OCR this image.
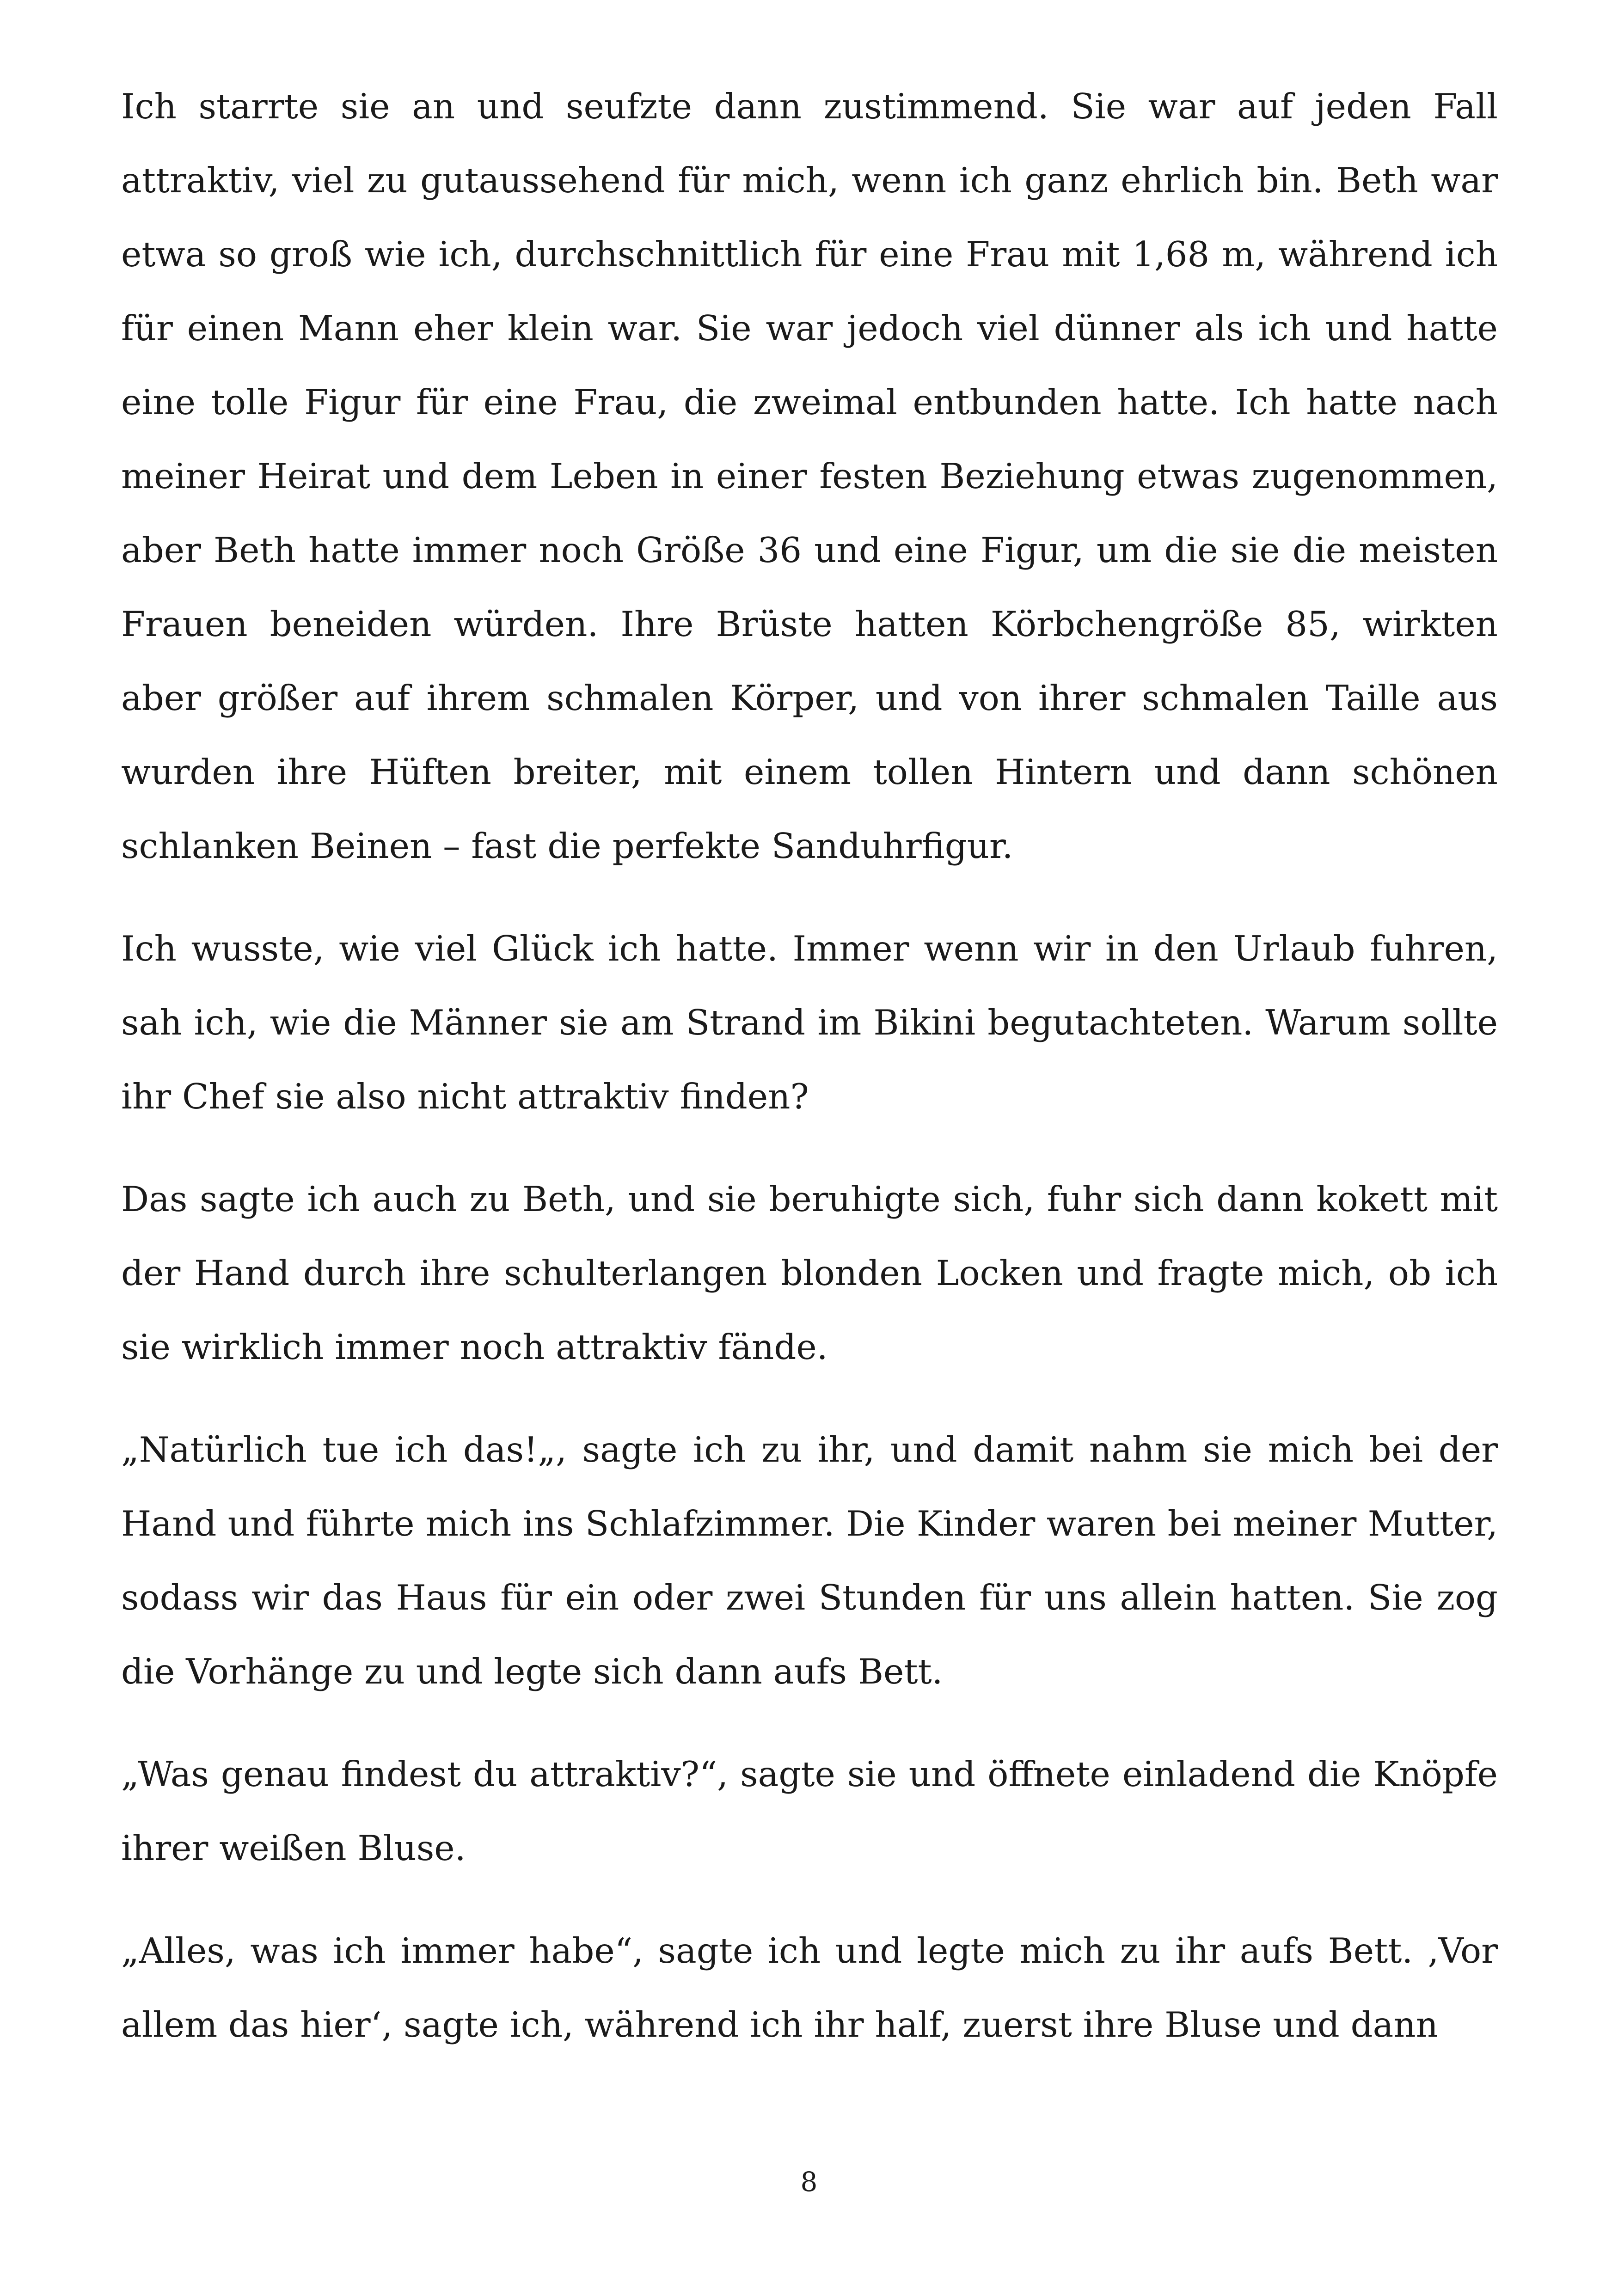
Ich starrte sie an und seufzte dann zustimmend. Sie war auf jeden Fall attraktiv, viel zu gutaussehend für mich, wenn ich ganz ehrlich bin. Beth war etwa so groß wie ich, durchschnittlich für eine Frau mit 1,68 m, während ich für einen Mann eher klein war. Sie war jedoch viel dünner als ich und hatte eine tolle Figur für eine Frau, die zweimal entbunden hatte. Ich hatte nach meiner Heirat und dem Leben in einer festen Beziehung etwas zugenommen, aber Beth hatte immer noch Größe 36 und eine Figur, um die sie die meisten Frauen beneiden würden. Ihre Brüste hatten Körbchengröße 85, wirkten aber größer auf ihrem schmalen Körper, und von ihrer schmalen Taille aus wurden ihre Hüften breiter, mit einem tollen Hintern und dann schönen schlanken Beinen – fast die perfekte Sanduhrfigur.

Ich wusste, wie viel Glück ich hatte. Immer wenn wir in den Urlaub fuhren, sah ich, wie die Männer sie am Strand im Bikini begutachteten. Warum sollte ihr Chef sie also nicht attraktiv finden?

Das sagte ich auch zu Beth, und sie beruhigte sich, fuhr sich dann kokett mit der Hand durch ihre schulterlangen blonden Locken und fragte mich, ob ich sie wirklich immer noch attraktiv fände.

„Natürlich tue ich das!„, sagte ich zu ihr, und damit nahm sie mich bei der Hand und führte mich ins Schlafzimmer. Die Kinder waren bei meiner Mutter, sodass wir das Haus für ein oder zwei Stunden für uns allein hatten. Sie zog die Vorhänge zu und legte sich dann aufs Bett.

„Was genau findest du attraktiv?“, sagte sie und öffnete einladend die Knöpfe ihrer weißen Bluse.

„Alles, was ich immer habe“, sagte ich und legte mich zu ihr aufs Bett. ‚Vor allem das hier‘, sagte ich, während ich ihr half, zuerst ihre Bluse und dann

8
